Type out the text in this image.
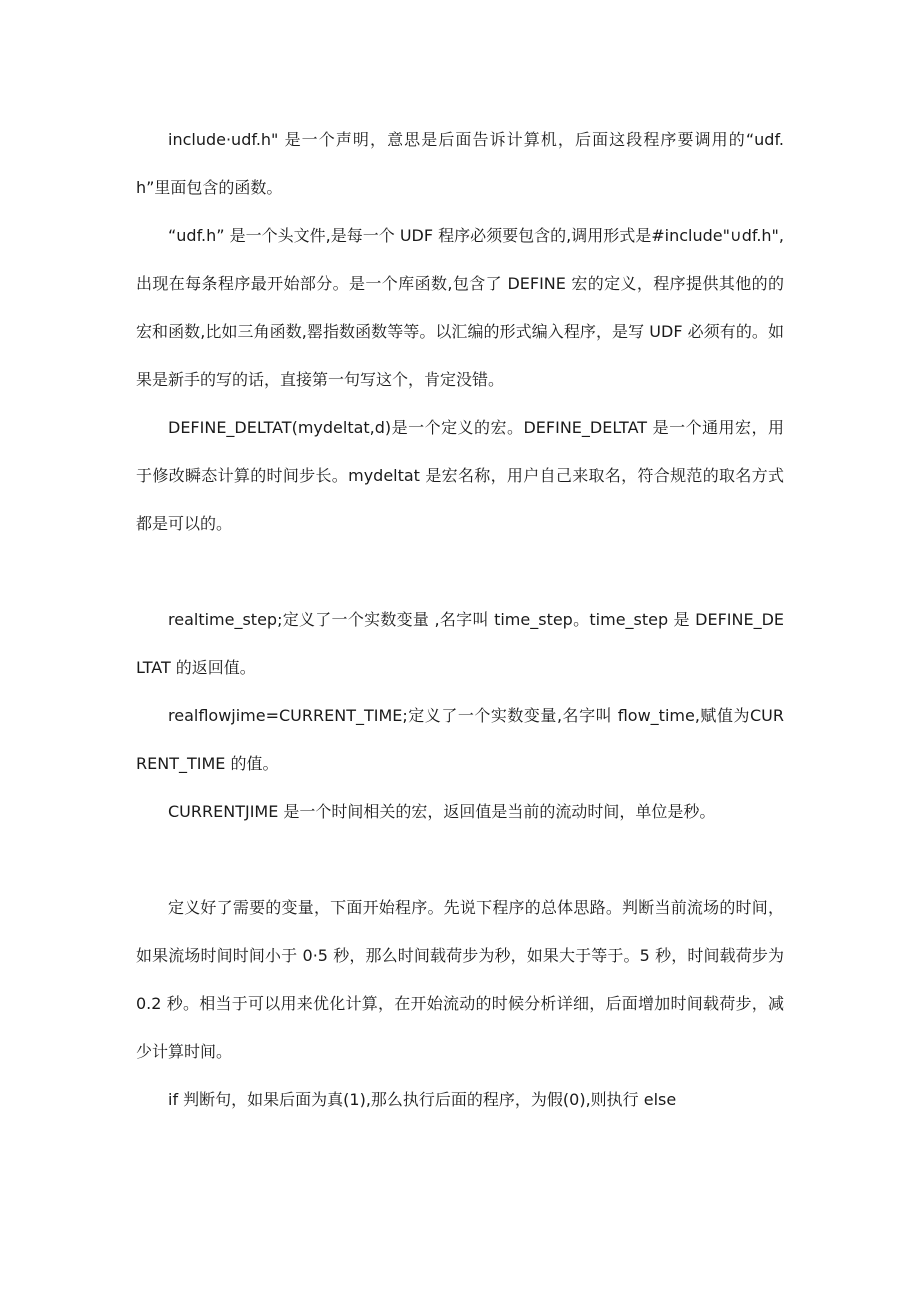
include·udf.h" 是一个声明，意思是后面告诉计算机，后面这段程序要调用的“udf.h”里面包含的函数。

“udf.h” 是一个头文件,是每一个 UDF 程序必须要包含的,调用形式是#include"∪df.h",出现在每条程序最开始部分。是一个库函数,包含了 DEFINE 宏的定义，程序提供其他的的宏和函数,比如三角函数,罂指数函数等等。以汇编的形式编入程序，是写 UDF 必须有的。如果是新手的写的话，直接第一句写这个，肯定没错。

DEFINE_DELTAT(mydeltat,d)是一个定义的宏。DEFINE_DELTAT 是一个通用宏，用于修改瞬态计算的时间步长。mydeltat 是宏名称，用户自己来取名，符合规范的取名方式都是可以的。

realtime_step;定义了一个实数变量 ,名字叫 time_step。time_step 是 DEFINE_DELTAT 的返回值。

realflowjime=CURRENT_TIME;定义了一个实数变量,名字叫 flow_time,赋值为CURRENT_TIME 的值。

CURRENTJIME 是一个时间相关的宏，返回值是当前的流动时间，单位是秒。

定义好了需要的变量，下面开始程序。先说下程序的总体思路。判断当前流场的时间，如果流场时间时间小于 0·5 秒，那么时间载荷步为秒，如果大于等于。5 秒，时间载荷步为 0.2 秒。相当于可以用来优化计算，在开始流动的时候分析详细，后面增加时间载荷步，减少计算时间。

if 判断句，如果后面为真(1),那么执行后面的程序，为假(0),则执行 else
